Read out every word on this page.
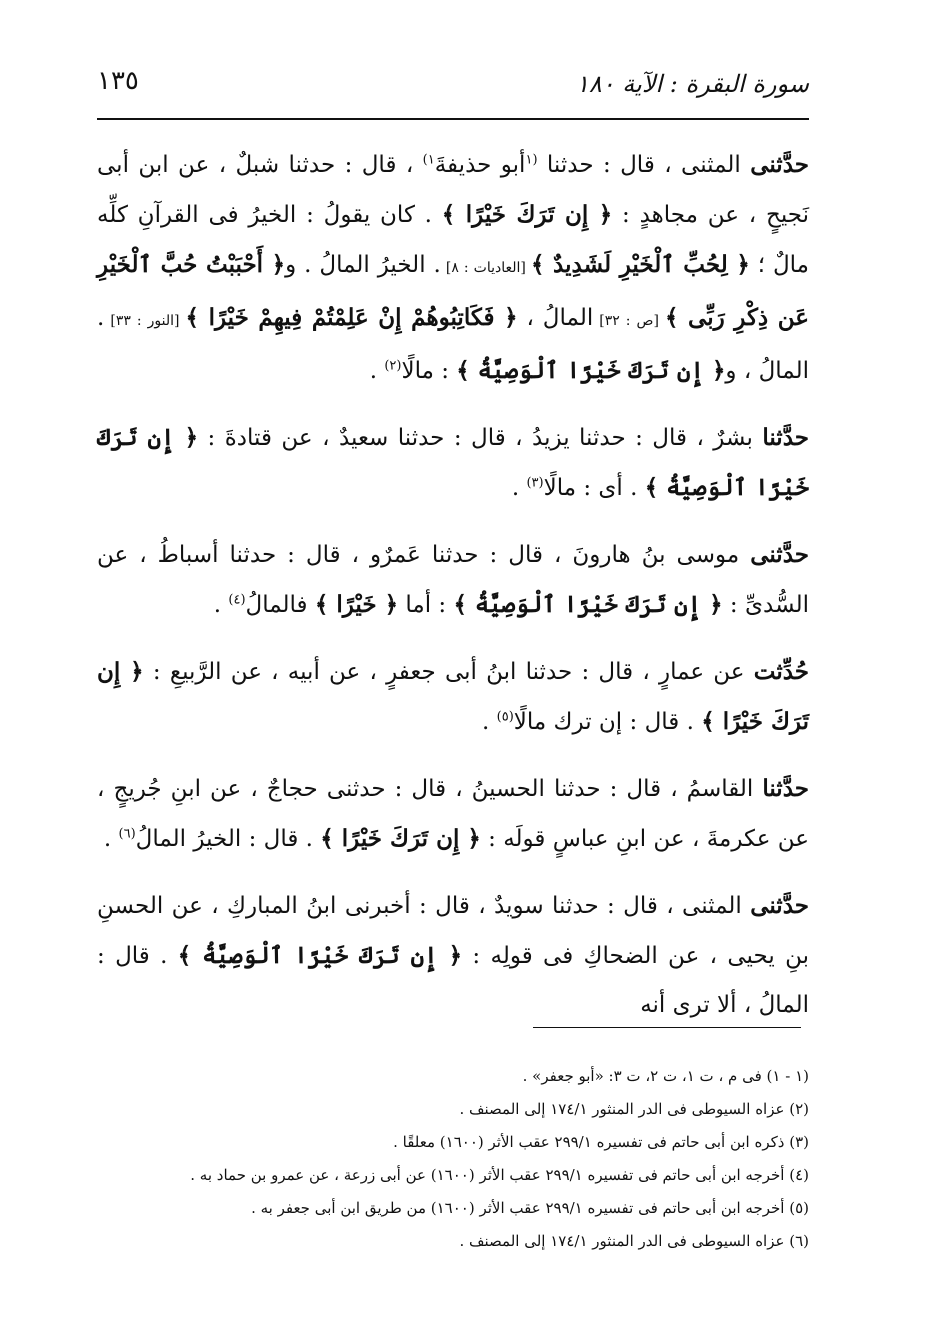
سورة البقرة : الآية ١٨٠
١٣٥

حدَّثنى المثنى ، قال : حدثنا $^{(١}$أبو حذيفةَ$^{١)}$ ، قال : حدثنا شبلٌ ، عن ابن أبى نَجيحٍ ، عن مجاهدٍ : ﴿ إِن تَرَكَ خَيْرًا ﴾ . كان يقولُ : الخيرُ فى القرآنِ كلِّه مالٌ ؛ ﴿ لِحُبِّ ٱلْخَيْرِ لَشَدِيدٌ ﴾ [العاديات : ٨] . الخيرُ المالُ . و﴿ أَحْبَبْتُ حُبَّ ٱلْخَيْرِ عَن ذِكْرِ رَبِّى ﴾ [ص : ٣٢] المالُ ، ﴿ فَكَاتِبُوهُمْ إِنْ عَلِمْتُمْ فِيهِمْ خَيْرًا ﴾ [النور : ٣٣] . المالُ ، و﴿ إِن تَرَكَ خَيْرًا ٱلْوَصِيَّةُ ﴾ : مالًا$^{(٢)}$ .

حدَّثنا بشرٌ ، قال : حدثنا يزيدُ ، قال : حدثنا سعيدٌ ، عن قتادةَ : ﴿ إِن تَرَكَ خَيْرًا ٱلْوَصِيَّةُ ﴾ . أى : مالًا$^{(٣)}$ .

حدَّثنى موسى بنُ هارونَ ، قال : حدثنا عَمرٌو ، قال : حدثنا أسباطُ ، عن السُّدىِّ : ﴿ إِن تَرَكَ خَيْرًا ٱلْوَصِيَّةُ ﴾ : أما ﴿ خَيْرًا ﴾ فالمالُ$^{(٤)}$ .

حُدِّثت عن عمارٍ ، قال : حدثنا ابنُ أبى جعفرٍ ، عن أبيه ، عن الرَّبيعِ : ﴿ إِن تَرَكَ خَيْرًا ﴾ . قال : إن ترك مالًا$^{(٥)}$ .

حدَّثنا القاسمُ ، قال : حدثنا الحسينُ ، قال : حدثنى حجاجٌ ، عن ابنِ جُريجٍ ، عن عكرمةَ ، عن ابنِ عباسٍ قولَه : ﴿ إِن تَرَكَ خَيْرًا ﴾ . قال : الخيرُ المالُ$^{(٦)}$ .

حدَّثنى المثنى ، قال : حدثنا سويدٌ ، قال : أخبرنى ابنُ المباركِ ، عن الحسنِ بنِ يحيى ، عن الضحاكِ فى قولِه : ﴿ إِن تَرَكَ خَيْرًا ٱلْوَصِيَّةُ ﴾ . قال : المالُ ، ألا ترى أنه

(١ - ١) فى م ، ت ١، ت ٢، ت ٣: «أبو جعفر» .
(٢) عزاه السيوطى فى الدر المنثور ١٧٤/١ إلى المصنف .
(٣) ذكره ابن أبى حاتم فى تفسيره ٢٩٩/١ عقب الأثر (١٦٠٠) معلقًا .
(٤) أخرجه ابن أبى حاتم فى تفسيره ٢٩٩/١ عقب الأثر (١٦٠٠) عن أبى زرعة ، عن عمرو بن حماد به .
(٥) أخرجه ابن أبى حاتم فى تفسيره ٢٩٩/١ عقب الأثر (١٦٠٠) من طريق ابن أبى جعفر به .
(٦) عزاه السيوطى فى الدر المنثور ١٧٤/١ إلى المصنف .
